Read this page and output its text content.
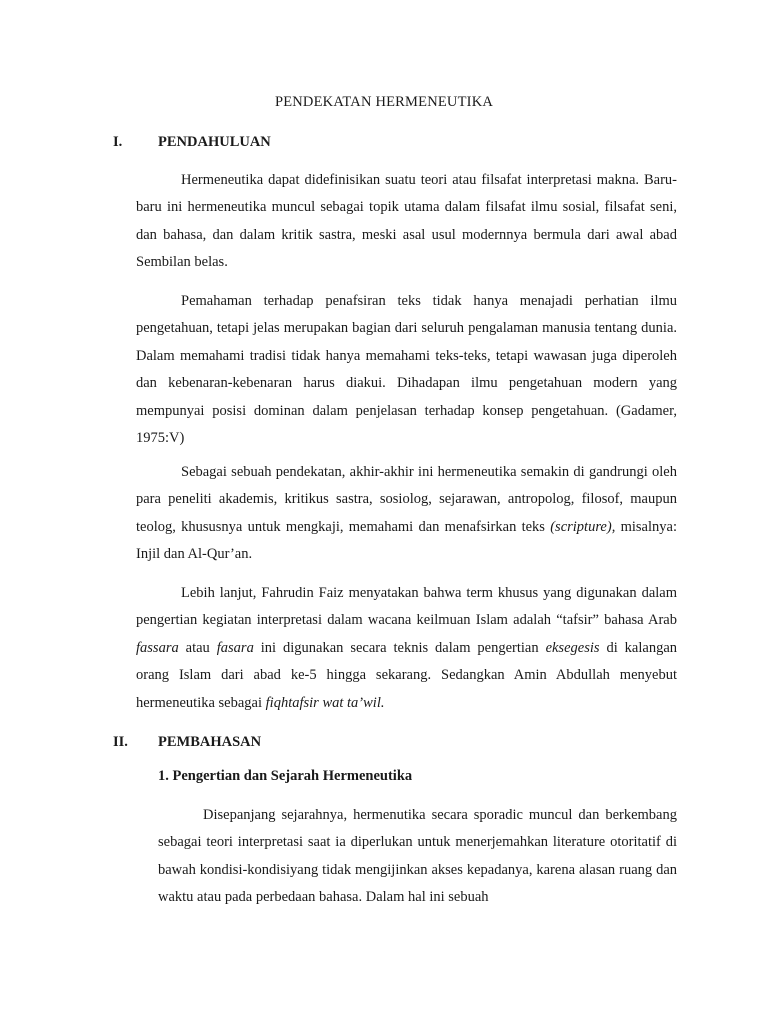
PENDEKATAN HERMENEUTIKA
I. PENDAHULUAN

Hermeneutika dapat didefinisikan suatu teori atau filsafat interpretasi makna. Baru-baru ini hermeneutika muncul sebagai topik utama dalam filsafat ilmu sosial, filsafat seni, dan bahasa, dan dalam kritik sastra, meski asal usul modernnya bermula dari awal abad Sembilan belas.

Pemahaman terhadap penafsiran teks tidak hanya menajadi perhatian ilmu pengetahuan, tetapi jelas merupakan bagian dari seluruh pengalaman manusia tentang dunia. Dalam memahami tradisi tidak hanya memahami teks-teks, tetapi wawasan juga diperoleh dan kebenaran-kebenaran harus diakui. Dihadapan ilmu pengetahuan modern yang mempunyai posisi dominan dalam penjelasan terhadap konsep pengetahuan. (Gadamer, 1975:V)

Sebagai sebuah pendekatan, akhir-akhir ini hermeneutika semakin di gandrungi oleh para peneliti akademis, kritikus sastra, sosiolog, sejarawan, antropolog, filosof, maupun teolog, khususnya untuk mengkaji, memahami dan menafsirkan teks (scripture), misalnya: Injil dan Al-Qur’an.

Lebih lanjut, Fahrudin Faiz menyatakan bahwa term khusus yang digunakan dalam pengertian kegiatan interpretasi dalam wacana keilmuan Islam adalah “tafsir” bahasa Arab fassara atau fasara ini digunakan secara teknis dalam pengertian eksegesis di kalangan orang Islam dari abad ke-5 hingga sekarang. Sedangkan Amin Abdullah menyebut hermeneutika sebagai fiqhtafsir wat ta’wil.

II. PEMBAHASAN
1. Pengertian dan Sejarah Hermeneutika

Disepanjang sejarahnya, hermenutika secara sporadic muncul dan berkembang sebagai teori interpretasi saat ia diperlukan untuk menerjemahkan literature otoritatif di bawah kondisi-kondisiyang tidak mengijinkan akses kepadanya, karena alasan ruang dan waktu atau pada perbedaan bahasa. Dalam hal ini sebuah
